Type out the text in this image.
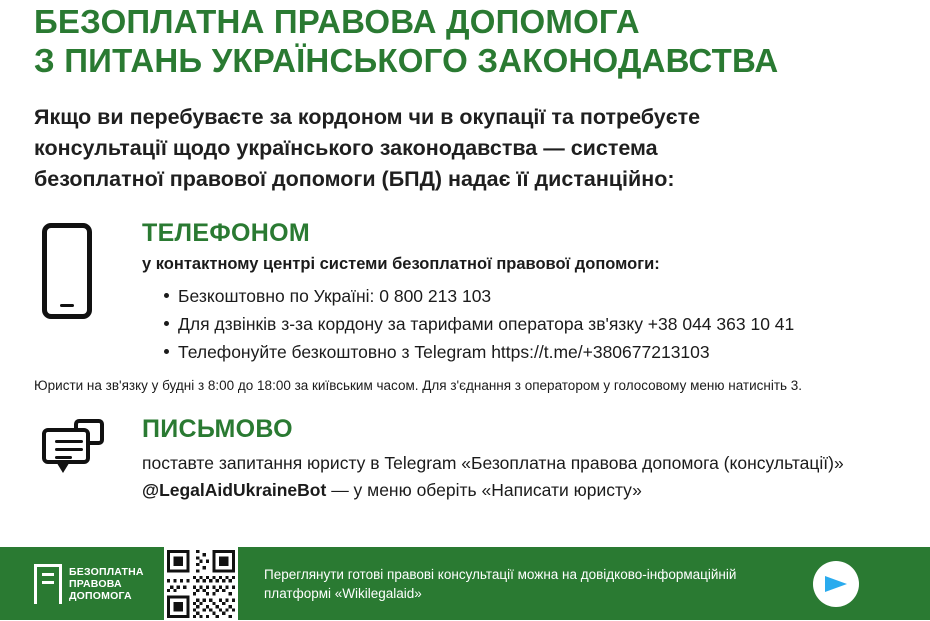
БЕЗОПЛАТНА ПРАВОВА ДОПОМОГА
З ПИТАНЬ УКРАЇНСЬКОГО ЗАКОНОДАВСТВА
Якщо ви перебуваєте за кордоном чи в окупації та потребуєте
консультації щодо українського законодавства — система
безоплатної правової допомоги (БПД) надає її дистанційно:
ТЕЛЕФОНОМ
у контактному центрі системи безоплатної правової допомоги:
Безкоштовно по Україні: 0 800 213 103
Для дзвінків з-за кордону за тарифами оператора зв'язку +38 044 363 10 41
Телефонуйте безкоштовно з Telegram https://t.me/+380677213103
Юристи на зв'язку у будні з 8:00 до 18:00 за київським часом. Для з'єднання з оператором у голосовому меню натисніть 3.
ПИСЬМОВО
поставте запитання юристу в Telegram «Безоплатна правова допомога (консультації)»
@LegalAidUkraineBot — у меню оберіть «Написати юристу»
БЕЗОПЛАТНА
ПРАВОВА
ДОПОМОГА
Переглянути готові правові консультації можна на довідково-інформаційній
платформі «Wikilegalaid»
